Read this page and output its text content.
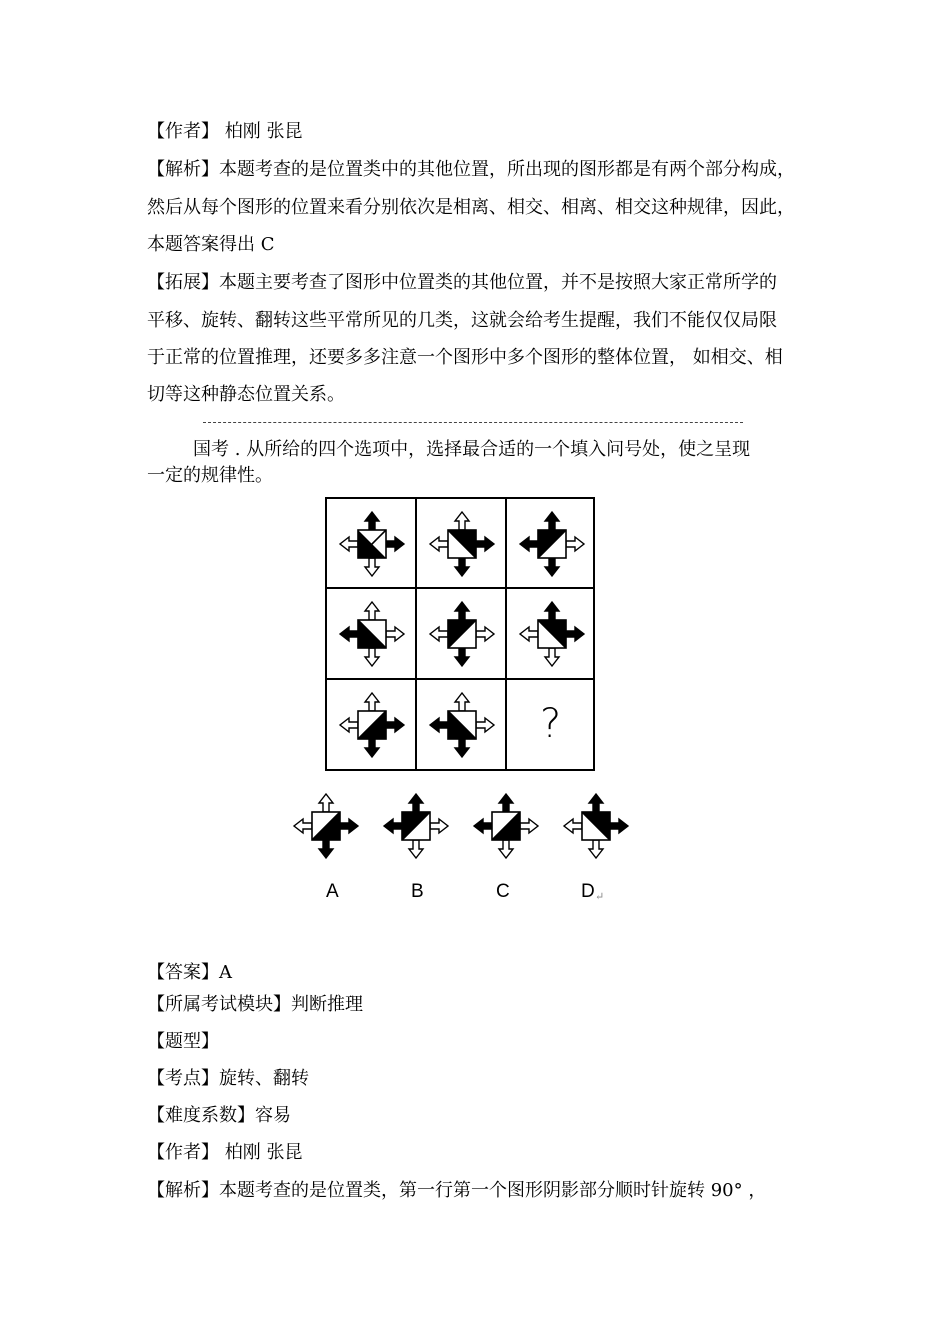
【作者】 柏刚 张昆
【解析】本题考查的是位置类中的其他位置，所出现的图形都是有两个部分构成，
然后从每个图形的位置来看分别依次是相离、相交、相离、相交这种规律，因此，
本题答案得出 C
【拓展】本题主要考查了图形中位置类的其他位置，并不是按照大家正常所学的
平移、旋转、翻转这些平常所见的几类，这就会给考生提醒，我们不能仅仅局限
于正常的位置推理，还要多多注意一个图形中多个图形的整体位置， 如相交、相
切等这种静态位置关系。
国考 . 从所给的四个选项中，选择最合适的一个填入问号处，使之呈现
一定的规律性。
?
A	B	C	D ↵
【答案】A
【所属考试模块】判断推理
【题型】
【考点】旋转、翻转
【难度系数】容易
【作者】 柏刚 张昆
【解析】本题考查的是位置类，第一行第一个图形阴影部分顺时针旋转 90° ，
